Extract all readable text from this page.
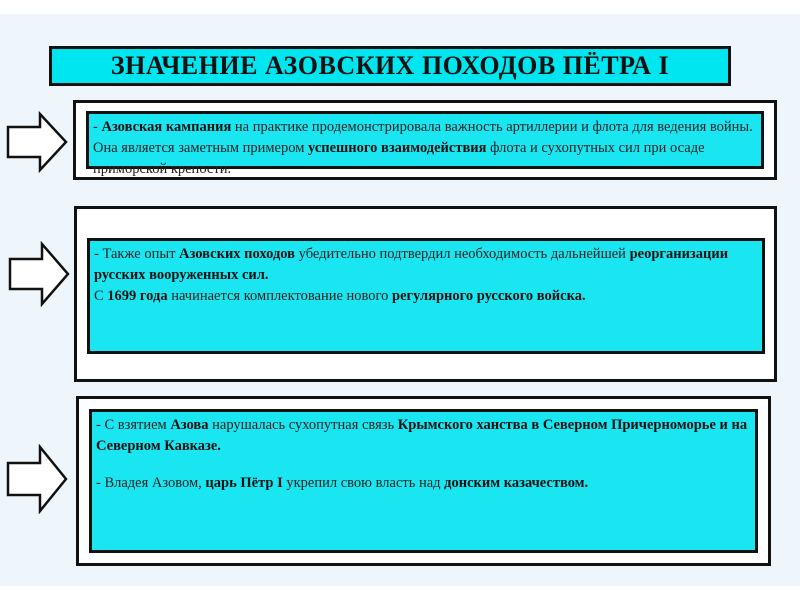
ЗНАЧЕНИЕ АЗОВСКИХ ПОХОДОВ ПЁТРА I

- Азовская кампания на практике продемонстрировала важность артиллерии и флота для ведения войны. Она является заметным примером успешного взаимодействия флота и сухопутных сил при осаде приморской крепости.

- Также опыт Азовских походов убедительно подтвердил необходимость дальнейшей реорганизации русских вооруженных сил.

С 1699 года начинается комплектование нового регулярного русского войска.

- С взятием Азова нарушалась сухопутная связь Крымского ханства в Северном Причерноморье и на Северном Кавказе.

- Владея Азовом, царь Пётр I укрепил свою власть над донским казачеством.
